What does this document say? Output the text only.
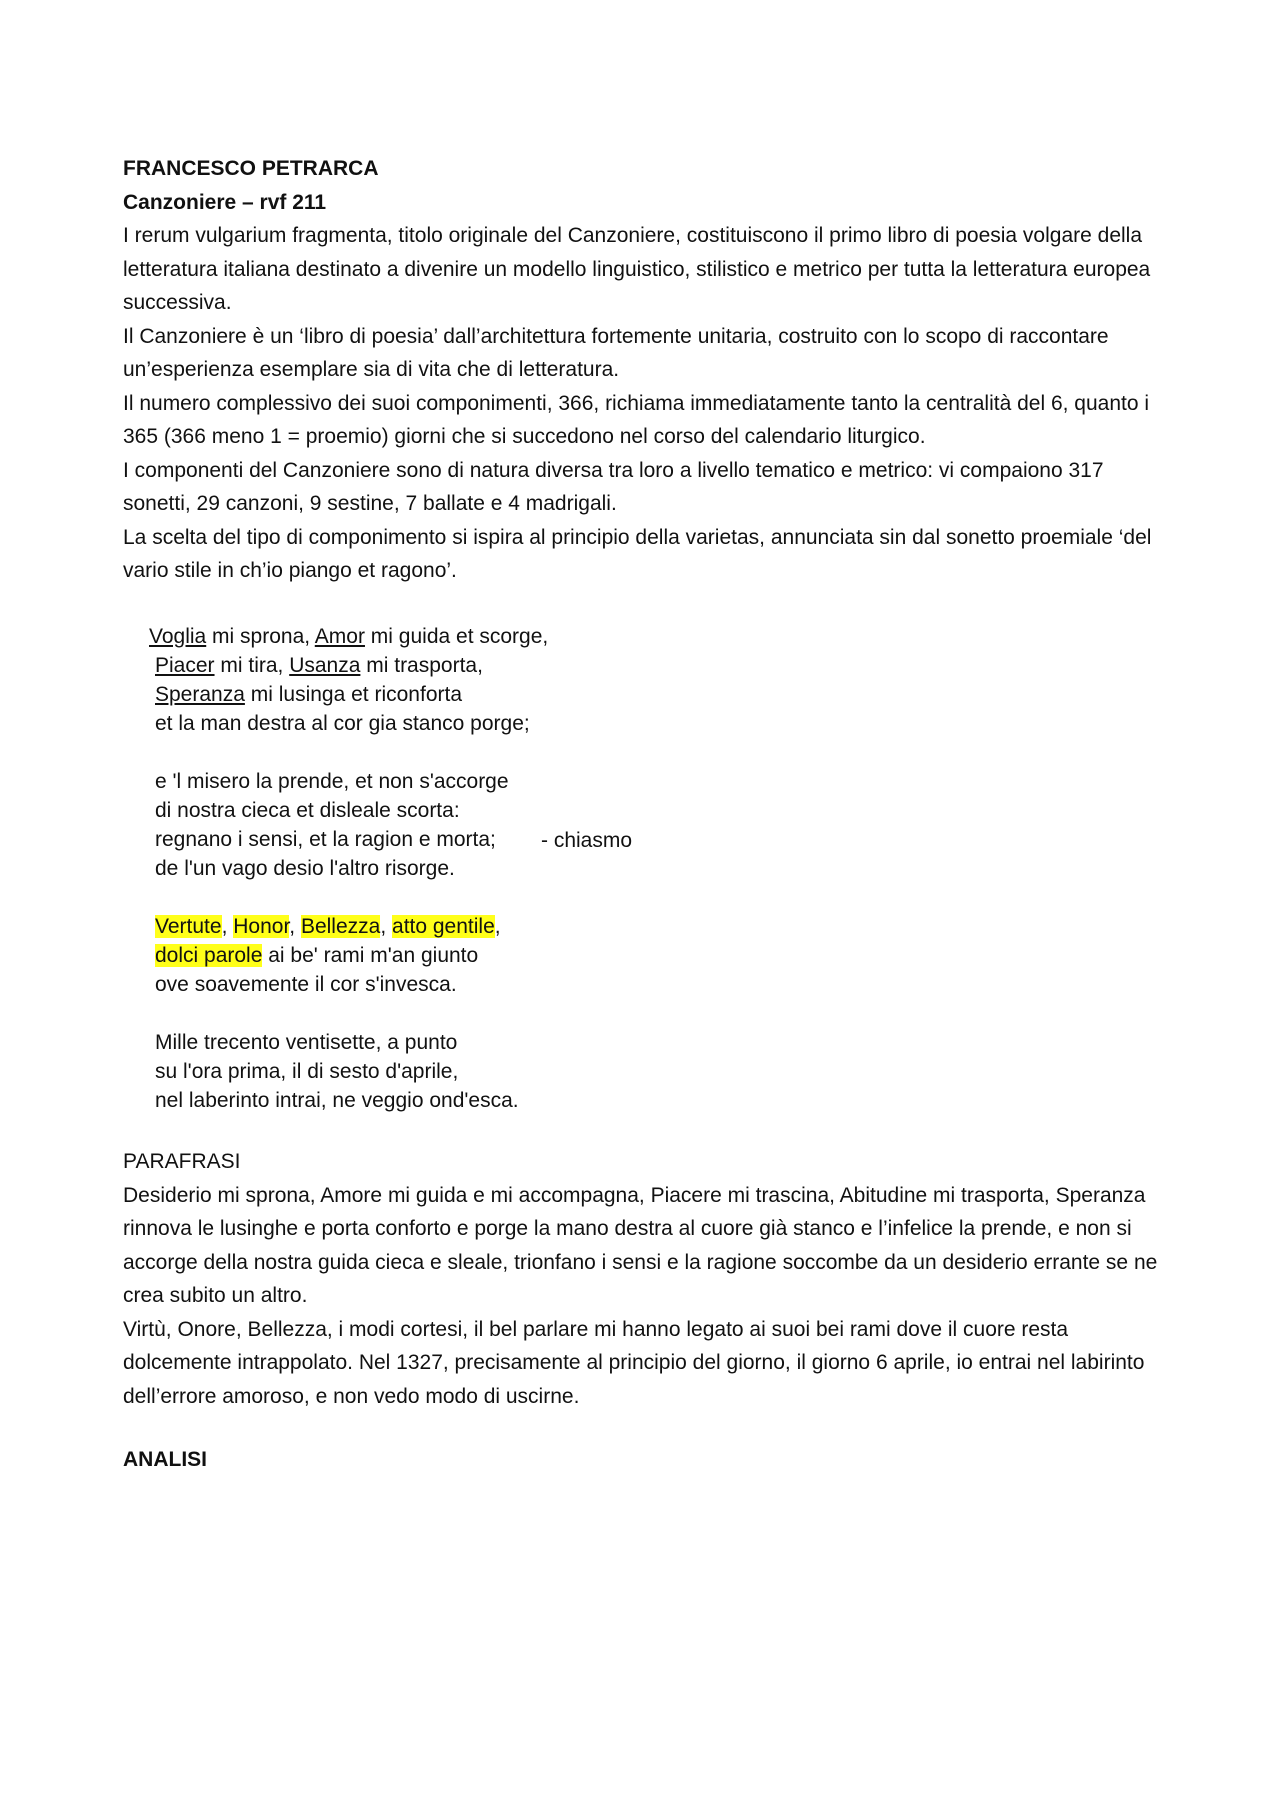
FRANCESCO PETRARCA
Canzoniere – rvf 211

I rerum vulgarium fragmenta, titolo originale del Canzoniere, costituiscono il primo libro di poesia volgare della letteratura italiana destinato a divenire un modello linguistico, stilistico e metrico per tutta la letteratura europea successiva.

Il Canzoniere è un ‘libro di poesia’ dall’architettura fortemente unitaria, costruito con lo scopo di raccontare un’esperienza esemplare sia di vita che di letteratura.

Il numero complessivo dei suoi componimenti, 366, richiama immediatamente tanto la centralità del 6, quanto i 365 (366 meno 1 = proemio) giorni che si succedono nel corso del calendario liturgico.

I componenti del Canzoniere sono di natura diversa tra loro a livello tematico e metrico: vi compaiono 317 sonetti, 29 canzoni, 9 sestine, 7 ballate e 4 madrigali.

La scelta del tipo di componimento si ispira al principio della varietas, annunciata sin dal sonetto proemiale ‘del vario stile in ch’io piango et ragono’.

Voglia mi sprona, Amor mi guida et scorge,
Piacer mi tira, Usanza mi trasporta,
Speranza mi lusinga et riconforta
et la man destra al cor gia stanco porge;
e 'l misero la prende, et non s'accorge
di nostra cieca et disleale scorta:
regnano i sensi, et la ragion e morta;
de l'un vago desio l'altro risorge.
Vertute, Honor, Bellezza, atto gentile,
dolci parole ai be' rami m'an giunto
ove soavemente il cor s'invesca.
Mille trecento ventisette, a punto
su l'ora prima, il di sesto d'aprile,
nel laberinto intrai, ne veggio ond'esca.
- chiasmo
PARAFRASI

Desiderio mi sprona, Amore mi guida e mi accompagna, Piacere mi trascina, Abitudine mi trasporta, Speranza rinnova le lusinghe e porta conforto e porge la mano destra al cuore già stanco e l’infelice la prende, e non si accorge della nostra guida cieca e sleale, trionfano i sensi e la ragione soccombe da un desiderio errante se ne crea subito un altro.

Virtù, Onore, Bellezza, i modi cortesi, il bel parlare mi hanno legato ai suoi bei rami dove il cuore resta dolcemente intrappolato. Nel 1327, precisamente al principio del giorno, il giorno 6 aprile, io entrai nel labirinto dell’errore amoroso, e non vedo modo di uscirne.

ANALISI
